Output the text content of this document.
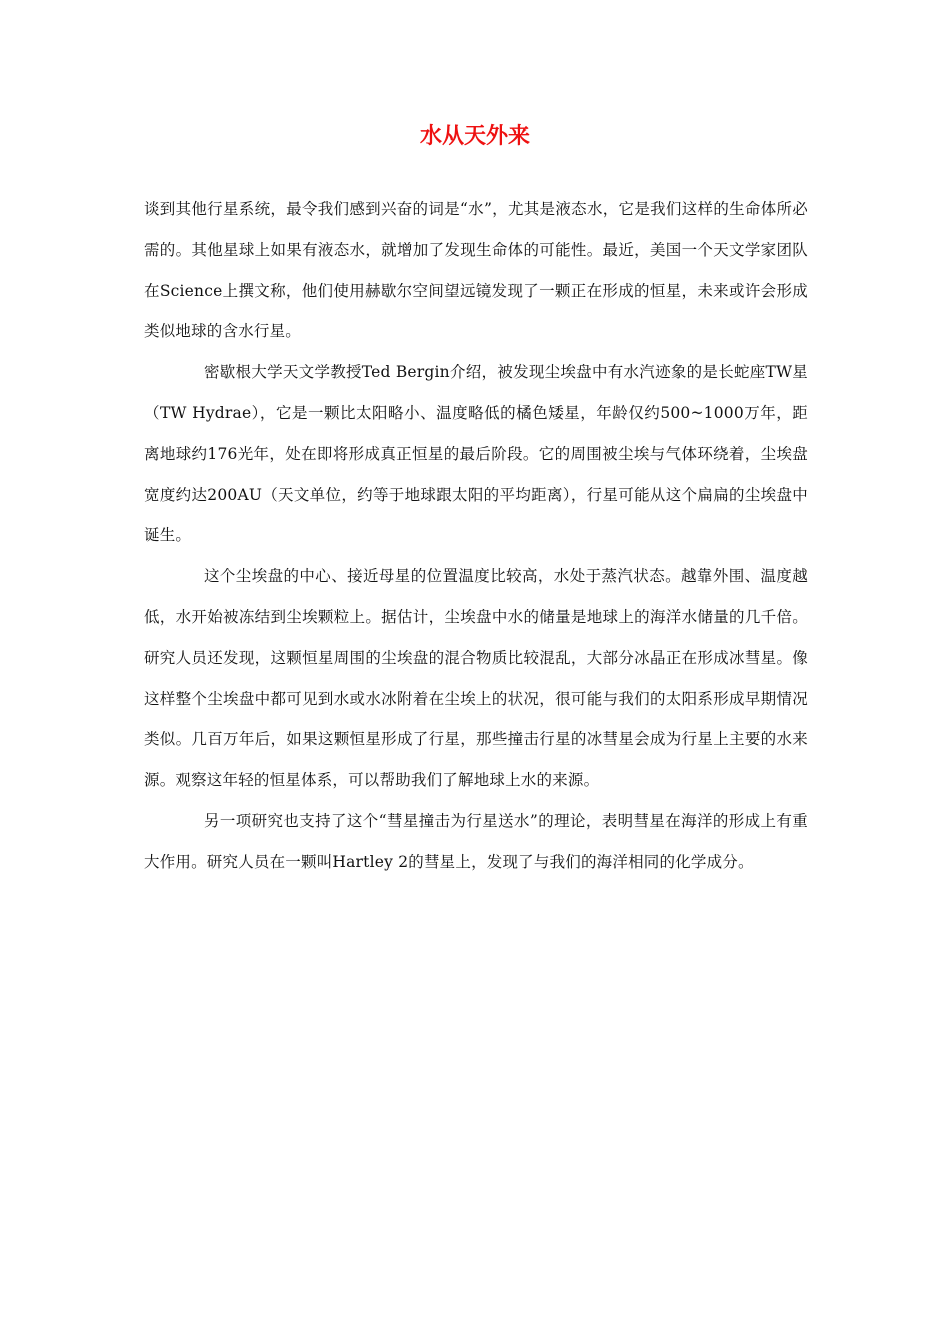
水从天外来

谈到其他行星系统，最令我们感到兴奋的词是“水”，尤其是液态水，它是我们这样的生命体所必需的。其他星球上如果有液态水，就增加了发现生命体的可能性。最近，美国一个天文学家团队在Science上撰文称，他们使用赫歇尔空间望远镜发现了一颗正在形成的恒星，未来或许会形成类似地球的含水行星。

密歇根大学天文学教授Ted Bergin介绍，被发现尘埃盘中有水汽迹象的是长蛇座TW星（TW Hydrae），它是一颗比太阳略小、温度略低的橘色矮星，年龄仅约500~1000万年，距离地球约176光年，处在即将形成真正恒星的最后阶段。它的周围被尘埃与气体环绕着，尘埃盘宽度约达200AU（天文单位，约等于地球跟太阳的平均距离），行星可能从这个扁扁的尘埃盘中诞生。

这个尘埃盘的中心、接近母星的位置温度比较高，水处于蒸汽状态。越靠外围、温度越低，水开始被冻结到尘埃颗粒上。据估计，尘埃盘中水的储量是地球上的海洋水储量的几千倍。研究人员还发现，这颗恒星周围的尘埃盘的混合物质比较混乱，大部分冰晶正在形成冰彗星。像这样整个尘埃盘中都可见到水或水冰附着在尘埃上的状况，很可能与我们的太阳系形成早期情况类似。几百万年后，如果这颗恒星形成了行星，那些撞击行星的冰彗星会成为行星上主要的水来源。观察这年轻的恒星体系，可以帮助我们了解地球上水的来源。

另一项研究也支持了这个“彗星撞击为行星送水”的理论，表明彗星在海洋的形成上有重大作用。研究人员在一颗叫Hartley 2的彗星上，发现了与我们的海洋相同的化学成分。
